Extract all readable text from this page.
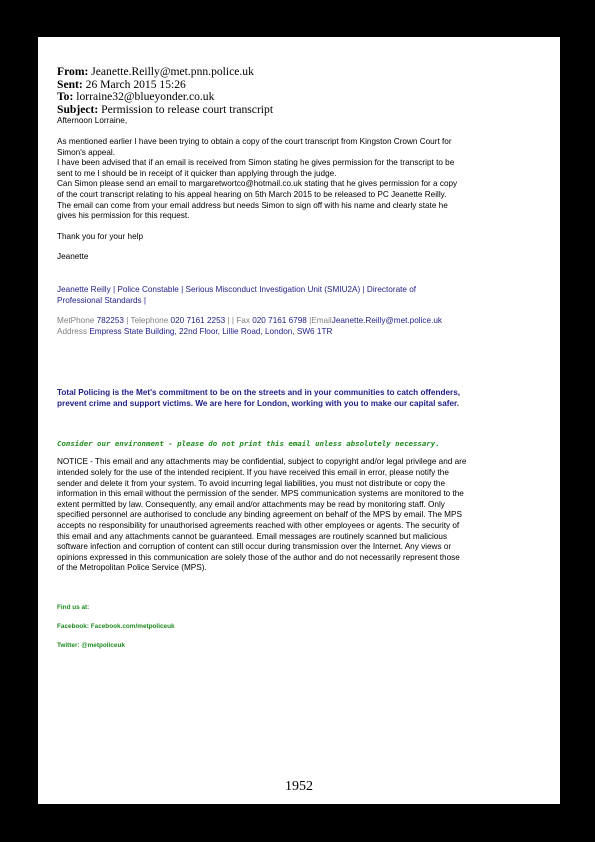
From: Jeanette.Reilly@met.pnn.police.uk

Sent: 26 March 2015 15:26

To: lorraine32@blueyonder.co.uk

Subject: Permission to release court transcript

Afternoon Lorraine,

As mentioned earlier I have been trying to obtain a copy of the court transcript from Kingston Crown Court for

Simon's appeal.

I have been advised that if an email is received from Simon stating he gives permission for the transcript to be

sent to me I should be in receipt of it quicker than applying through the judge.

Can Simon please send an email to margaretwortco@hotmail.co.uk stating that he gives permission for a copy

of the court transcript relating to his appeal hearing on 5th March 2015 to be released to PC Jeanette Reilly.

The email can come from your email address but needs Simon to sign off with his name and clearly state he

gives his permission for this request.

Thank you for your help

Jeanette

Jeanette Reilly | Police Constable | Serious Misconduct Investigation Unit (SMIU2A) | Directorate of

Professional Standards |

MetPhone 782253 | Telephone 020 7161 2253 | | Fax 020 7161 6798 |EmailJeanette.Reilly@met.police.uk

Address Empress State Building, 22nd Floor, Lillie Road, London, SW6 1TR

Total Policing is the Met's commitment to be on the streets and in your communities to catch offenders,

prevent crime and support victims. We are here for London, working with you to make our capital safer.

Consider our environment - please do not print this email unless absolutely necessary.

NOTICE - This email and any attachments may be confidential, subject to copyright and/or legal privilege and are

intended solely for the use of the intended recipient. If you have received this email in error, please notify the

sender and delete it from your system. To avoid incurring legal liabilities, you must not distribute or copy the

information in this email without the permission of the sender. MPS communication systems are monitored to the

extent permitted by law. Consequently, any email and/or attachments may be read by monitoring staff. Only

specified personnel are authorised to conclude any binding agreement on behalf of the MPS by email. The MPS

accepts no responsibility for unauthorised agreements reached with other employees or agents. The security of

this email and any attachments cannot be guaranteed. Email messages are routinely scanned but malicious

software infection and corruption of content can still occur during transmission over the Internet. Any views or

opinions expressed in this communication are solely those of the author and do not necessarily represent those

of the Metropolitan Police Service (MPS).

Find us at:

Facebook: Facebook.com/metpoliceuk

Twitter: @metpoliceuk

1952
